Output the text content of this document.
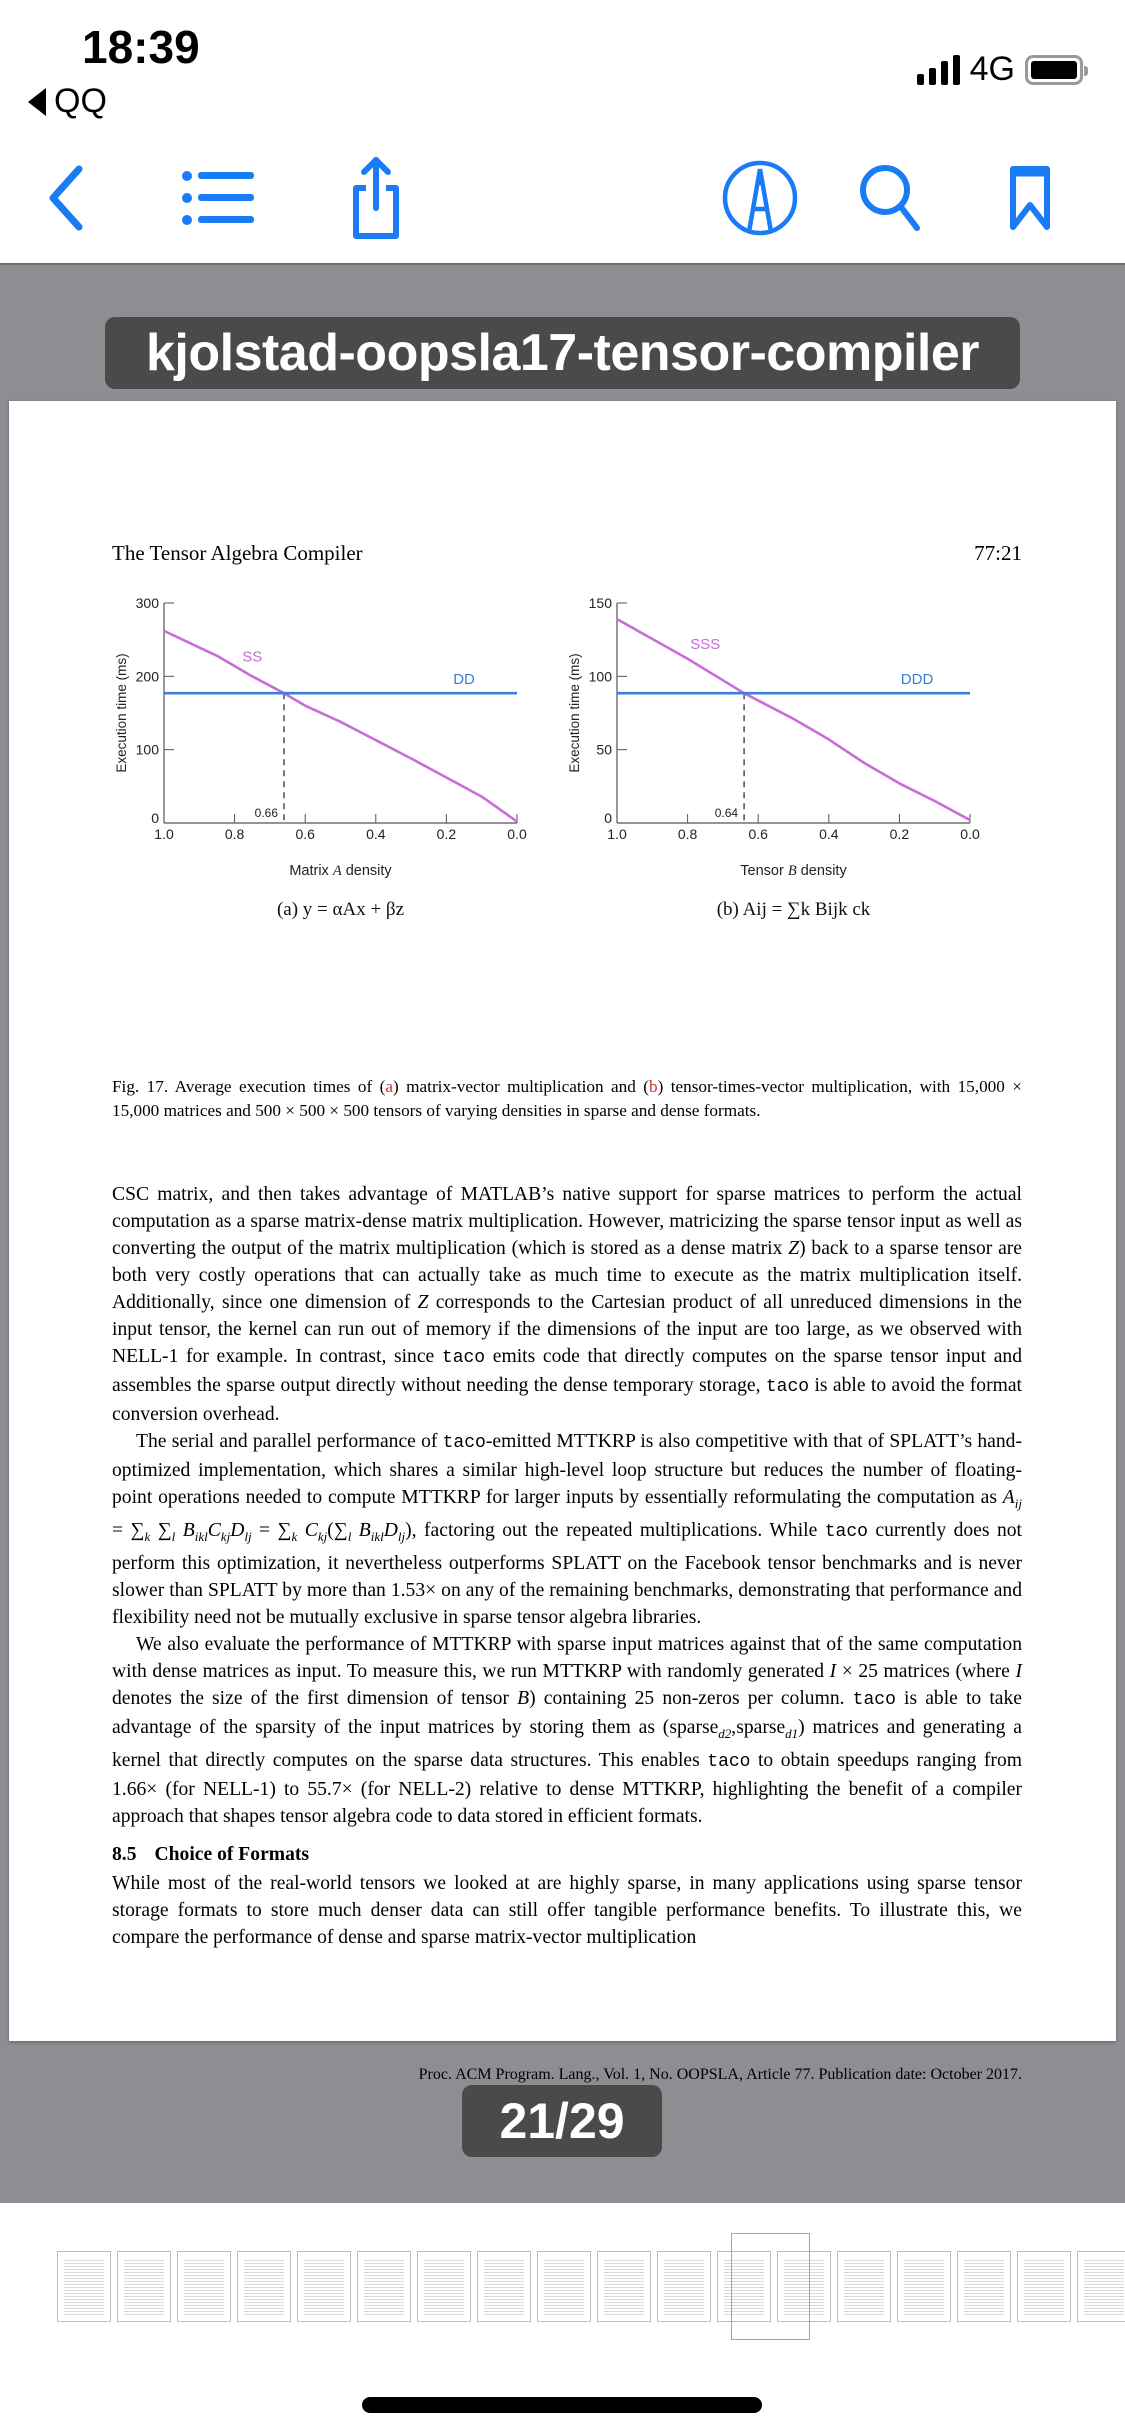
18:39
QQ
4G
kjolstad-oopsla17-tensor-compiler
The Tensor Algebra Compiler	77:21
0
100
200
300
1.0	0.8	0.6	0.4	0.2	0.0
Execution time (ms)
Matrix A density
0.66
SS
DD
(a) y = αAx + βz
0
50
100
150
1.0	0.8	0.6	0.4	0.2	0.0
Execution time (ms)
Tensor B density
0.64
SSS
DDD
(b) Aij = ∑k Bijk ck
Fig. 17. Average execution times of (a) matrix-vector multiplication and (b) tensor-times-vector multiplication, with 15,000 × 15,000 matrices and 500 × 500 × 500 tensors of varying densities in sparse and dense formats.

CSC matrix, and then takes advantage of MATLAB’s native support for sparse matrices to perform the actual computation as a sparse matrix-dense matrix multiplication. However, matricizing the sparse tensor input as well as converting the output of the matrix multiplication (which is stored as a dense matrix Z) back to a sparse tensor are both very costly operations that can actually take as much time to execute as the matrix multiplication itself. Additionally, since one dimension of Z corresponds to the Cartesian product of all unreduced dimensions in the input tensor, the kernel can run out of memory if the dimensions of the input are too large, as we observed with NELL-1 for example. In contrast, since taco emits code that directly computes on the sparse tensor input and assembles the sparse output directly without needing the dense temporary storage, taco is able to avoid the format conversion overhead.

The serial and parallel performance of taco-emitted MTTKRP is also competitive with that of SPLATT’s hand-optimized implementation, which shares a similar high-level loop structure but reduces the number of floating-point operations needed to compute MTTKRP for larger inputs by essentially reformulating the computation as $A_{ij} = \sum_k$ $\sum_l$ $B_{ikl}C_{kj}D_{lj} = \sum_k$ $C_{kj}(\sum_l$ $B_{ikl}D_{lj}$), factoring out the repeated multiplications. While taco currently does not perform this optimization, it nevertheless outperforms SPLATT on the Facebook tensor benchmarks and is never slower than SPLATT by more than 1.53× on any of the remaining benchmarks, demonstrating that performance and flexibility need not be mutually exclusive in sparse tensor algebra libraries.

We also evaluate the performance of MTTKRP with sparse input matrices against that of the same computation with dense matrices as input. To measure this, we run MTTKRP with randomly generated I × 25 matrices (where I denotes the size of the first dimension of tensor B) containing 25 non-zeros per column. taco is able to take advantage of the sparsity of the input matrices by storing them as (sparse$_{d2}$,sparse$_{d1}$) matrices and generating a kernel that directly computes on the sparse data structures. This enables taco to obtain speedups ranging from 1.66× (for NELL-1) to 55.7× (for NELL-2) relative to dense MTTKRP, highlighting the benefit of a compiler approach that shapes tensor algebra code to data stored in efficient formats.

8.5 Choice of Formats

While most of the real-world tensors we looked at are highly sparse, in many applications using sparse tensor storage formats to store much denser data can still offer tangible performance benefits. To illustrate this, we compare the performance of dense and sparse matrix-vector multiplication

Proc. ACM Program. Lang., Vol. 1, No. OOPSLA, Article 77. Publication date: October 2017.
21/29
